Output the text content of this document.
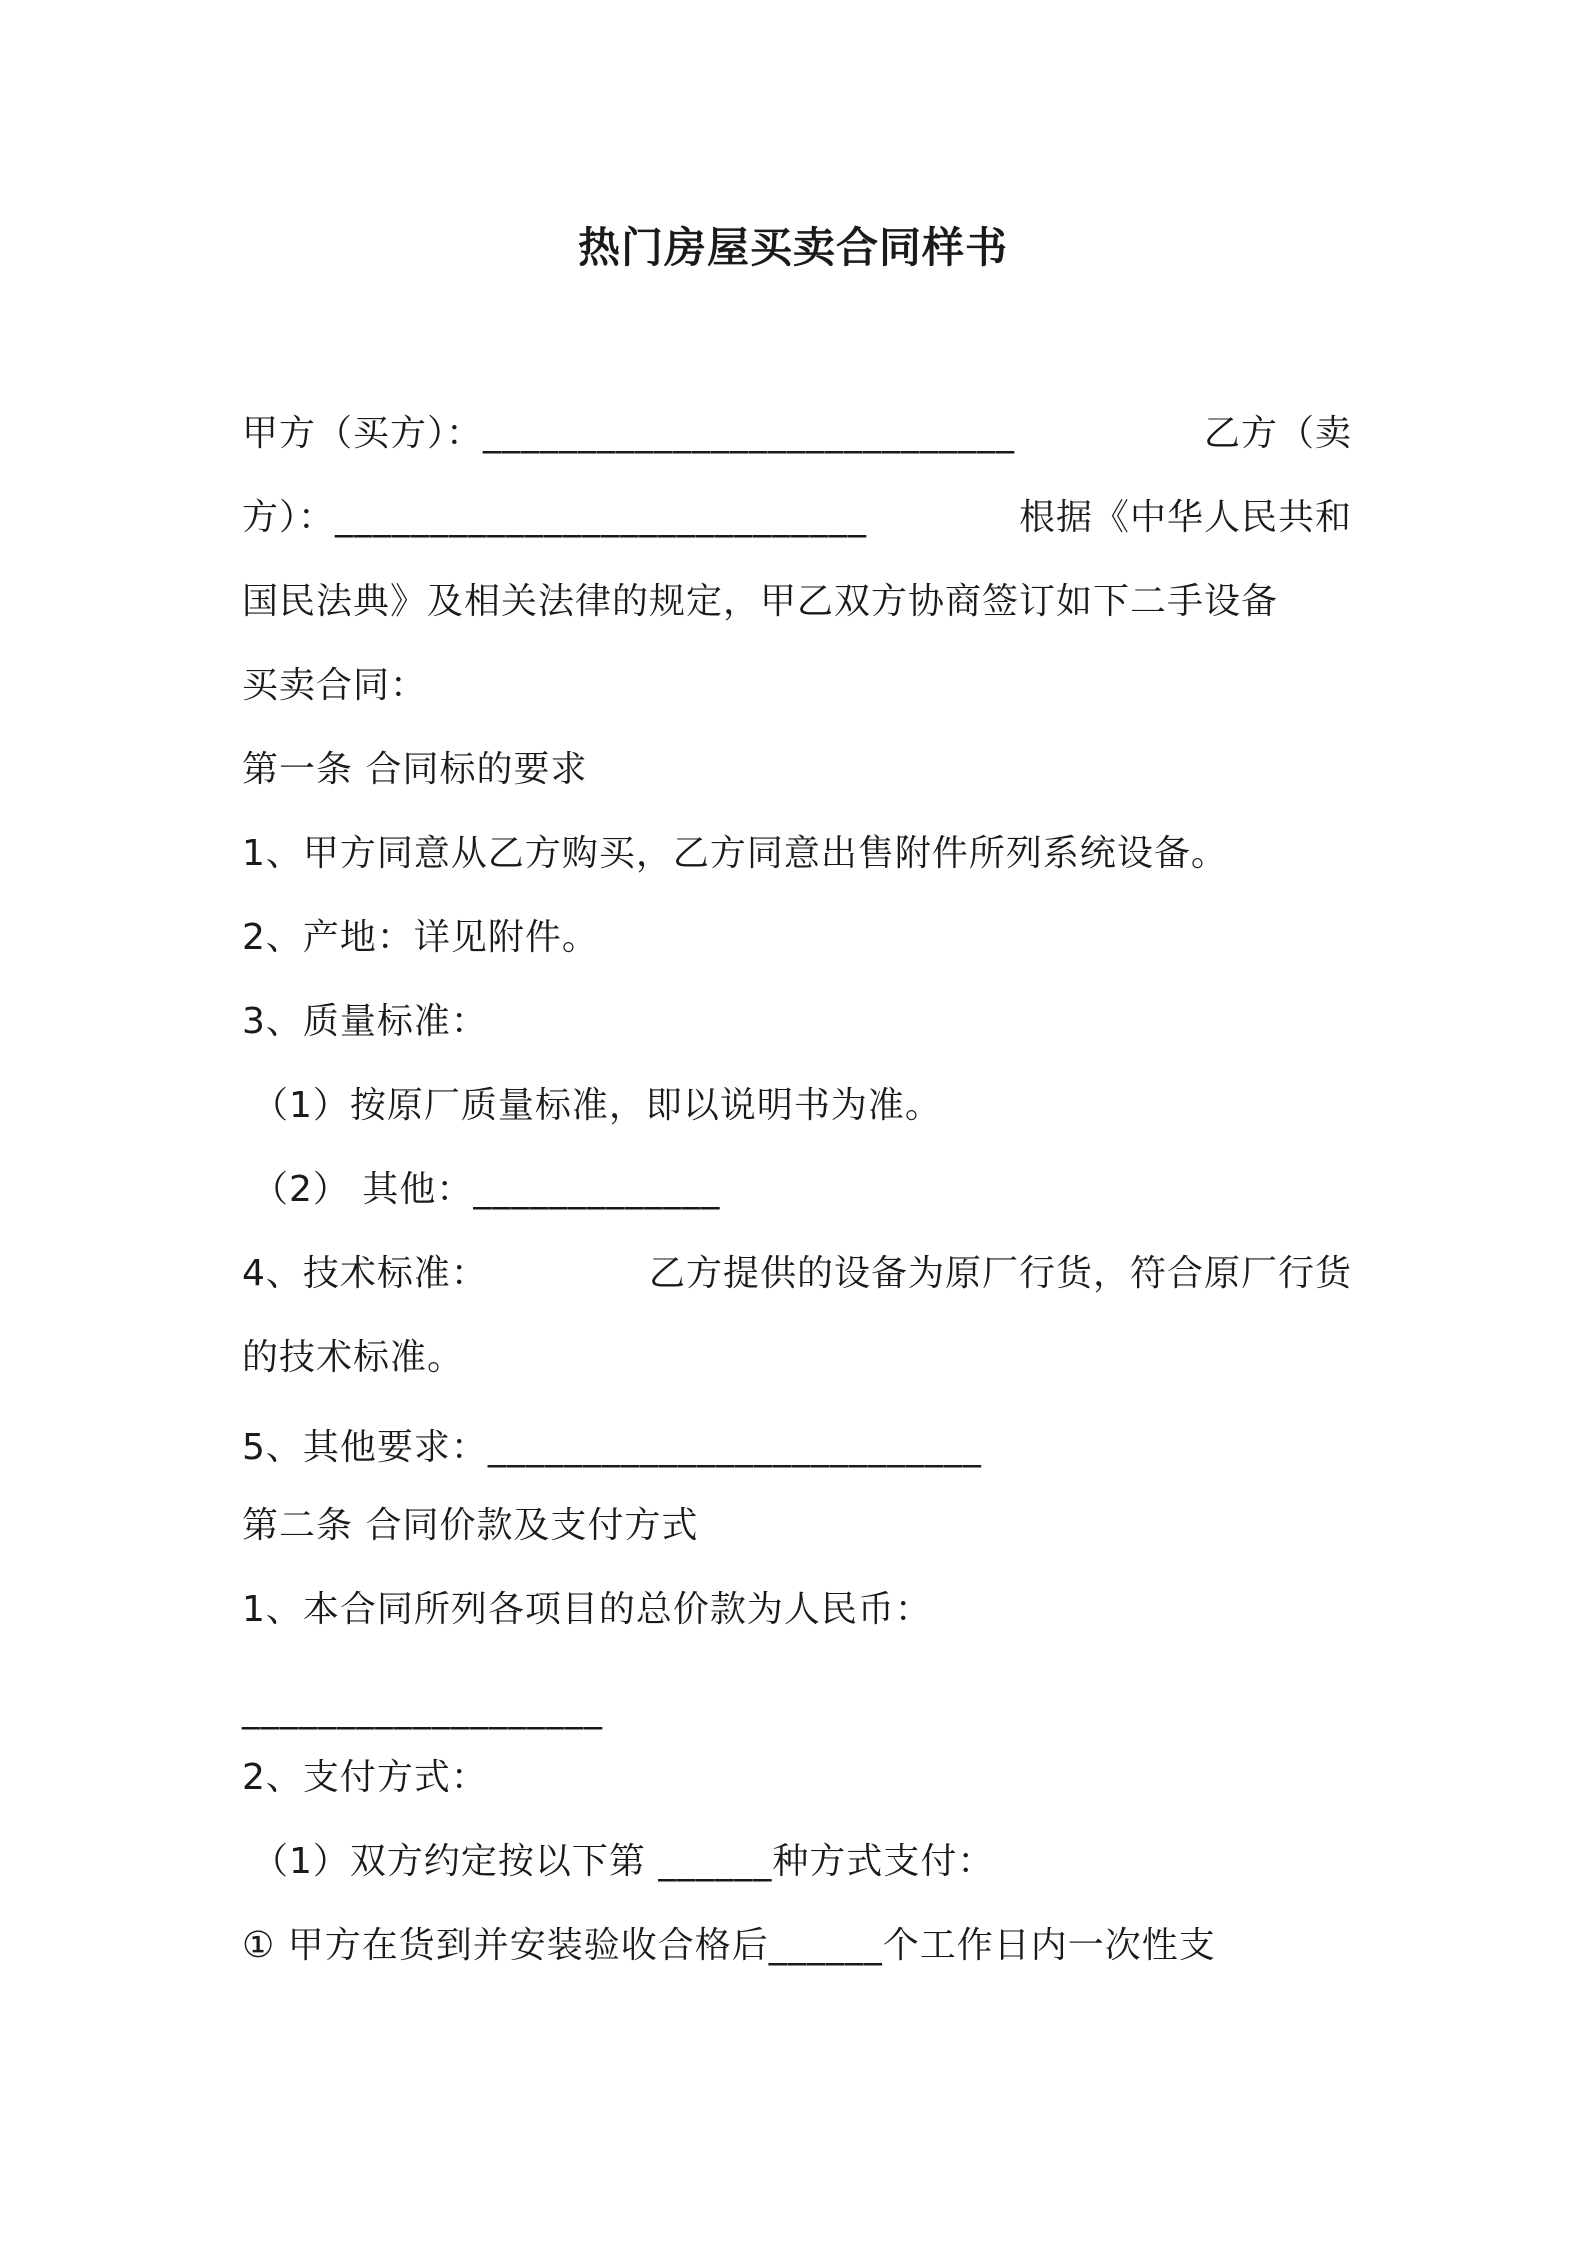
热门房屋买卖合同样书
甲方（买方）：____________________________	乙方（卖
方）：____________________________	根据《中华人民共和
国民法典》及相关法律的规定，甲乙双方协商签订如下二手设备
买卖合同：
第一条 合同标的要求
1、甲方同意从乙方购买，乙方同意出售附件所列系统设备。
2、产地：详见附件。
3、质量标准：
（1）按原厂质量标准，即以说明书为准。
（2） 其他：_____________
4、技术标准：	乙方提供的设备为原厂行货，符合原厂行货
的技术标准。
5、其他要求：__________________________
第二条 合同价款及支付方式
1、本合同所列各项目的总价款为人民币：
___________________
2、支付方式：
（1）双方约定按以下第 ______种方式支付：
① 甲方在货到并安装验收合格后______个工作日内一次性支
